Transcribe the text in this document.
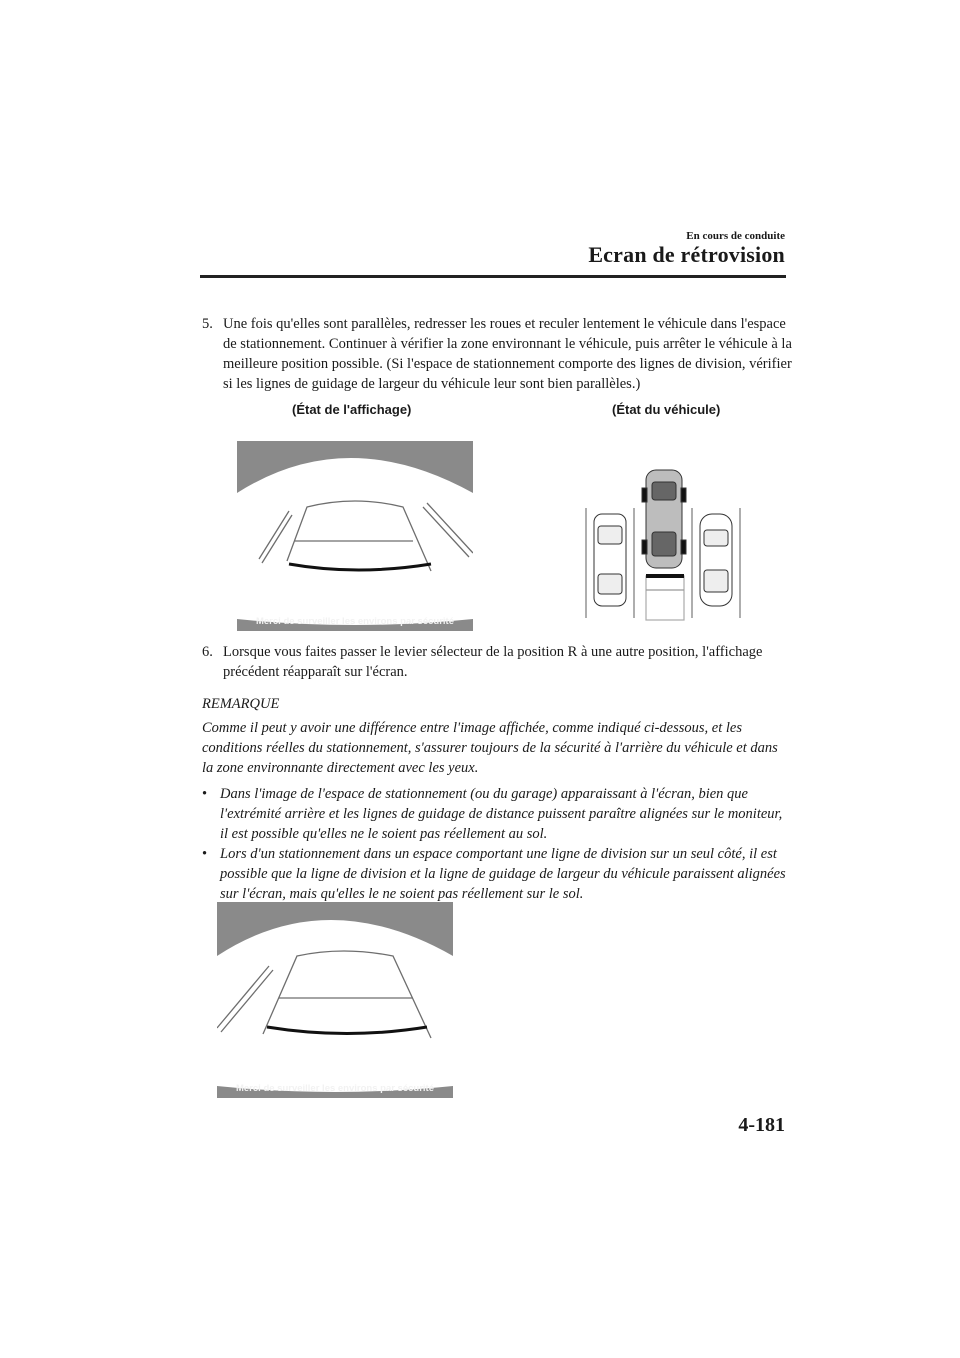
En cours de conduite
Ecran de rétrovision
5. Une fois qu'elles sont parallèles, redresser les roues et reculer lentement le véhicule dans l'espace de stationnement. Continuer à vérifier la zone environnant le véhicule, puis arrêter le véhicule à la meilleure position possible. (Si l'espace de stationnement comporte des lignes de division, vérifier si les lignes de guidage de largeur du véhicule leur sont bien parallèles.)
(État de l'affichage)	(État du véhicule)
Merci de surveiller les environs par sécurité
6. Lorsque vous faites passer le levier sélecteur de la position R à une autre position, l'affichage précédent réapparaît sur l'écran.
REMARQUE
Comme il peut y avoir une différence entre l'image affichée, comme indiqué ci-dessous, et les conditions réelles du stationnement, s'assurer toujours de la sécurité à l'arrière du véhicule et dans la zone environnante directement avec les yeux.
• Dans l'image de l'espace de stationnement (ou du garage) apparaissant à l'écran, bien que l'extrémité arrière et les lignes de guidage de distance puissent paraître alignées sur le moniteur, il est possible qu'elles ne le soient pas réellement au sol.
• Lors d'un stationnement dans un espace comportant une ligne de division sur un seul côté, il est possible que la ligne de division et la ligne de guidage de largeur du véhicule paraissent alignées sur l'écran, mais qu'elles le ne soient pas réellement sur le sol.
Merci de surveiller les environs par sécurité
4-181
